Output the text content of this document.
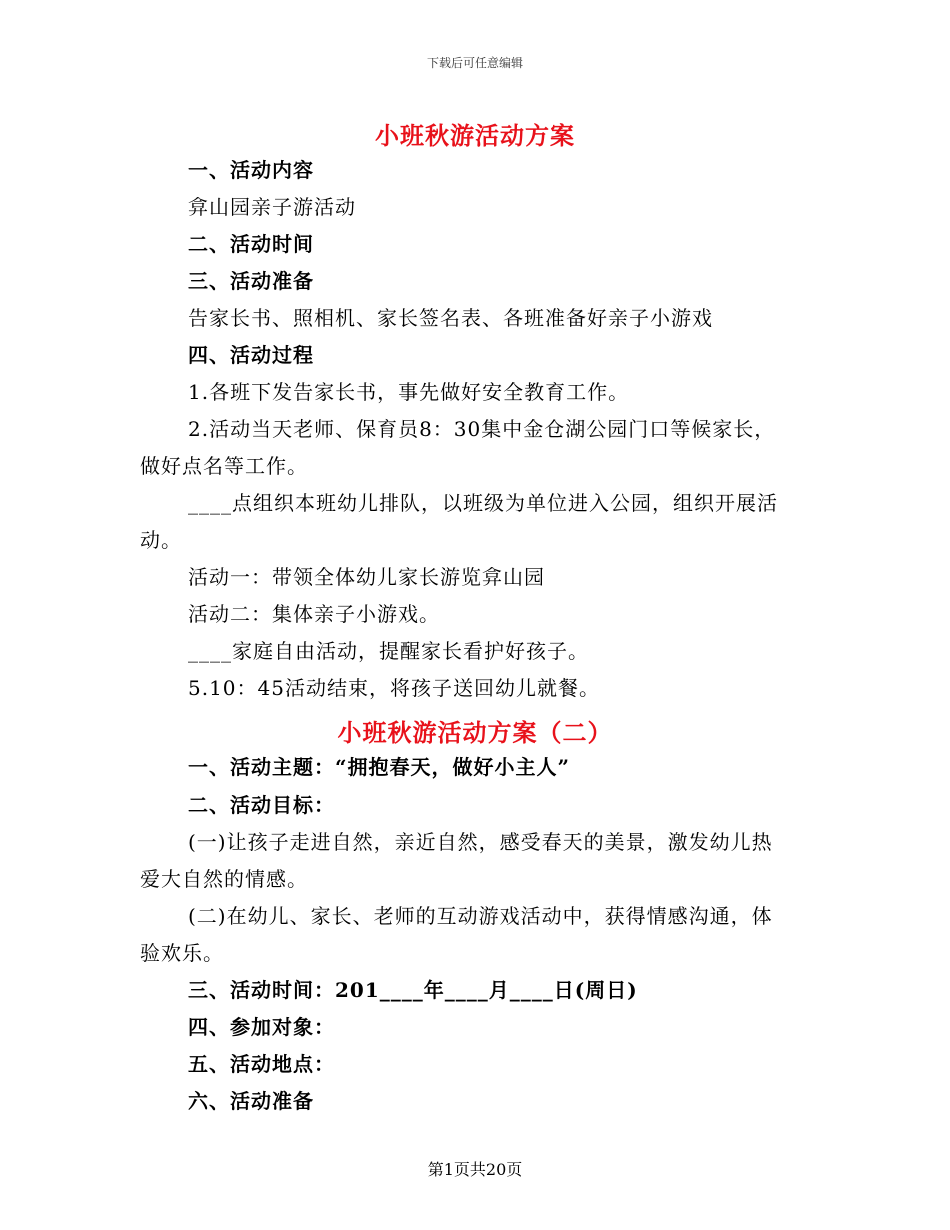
下载后可任意编辑
小班秋游活动方案
一、活动内容
弇山园亲子游活动
二、活动时间
三、活动准备
告家长书、照相机、家长签名表、各班准备好亲子小游戏
四、活动过程
1.各班下发告家长书，事先做好安全教育工作。
2.活动当天老师、保育员8：30集中金仓湖公园门口等候家长，
做好点名等工作。
____点组织本班幼儿排队，以班级为单位进入公园，组织开展活
动。
活动一：带领全体幼儿家长游览弇山园
活动二：集体亲子小游戏。
____家庭自由活动，提醒家长看护好孩子。
5.10：45活动结束，将孩子送回幼儿就餐。
小班秋游活动方案（二）
一、活动主题：“拥抱春天，做好小主人”
二、活动目标：
(一)让孩子走进自然，亲近自然，感受春天的美景，激发幼儿热
爱大自然的情感。
(二)在幼儿、家长、老师的互动游戏活动中，获得情感沟通，体
验欢乐。
三、活动时间：201____年____月____日(周日)
四、参加对象：
五、活动地点：
六、活动准备
第1页共20页
